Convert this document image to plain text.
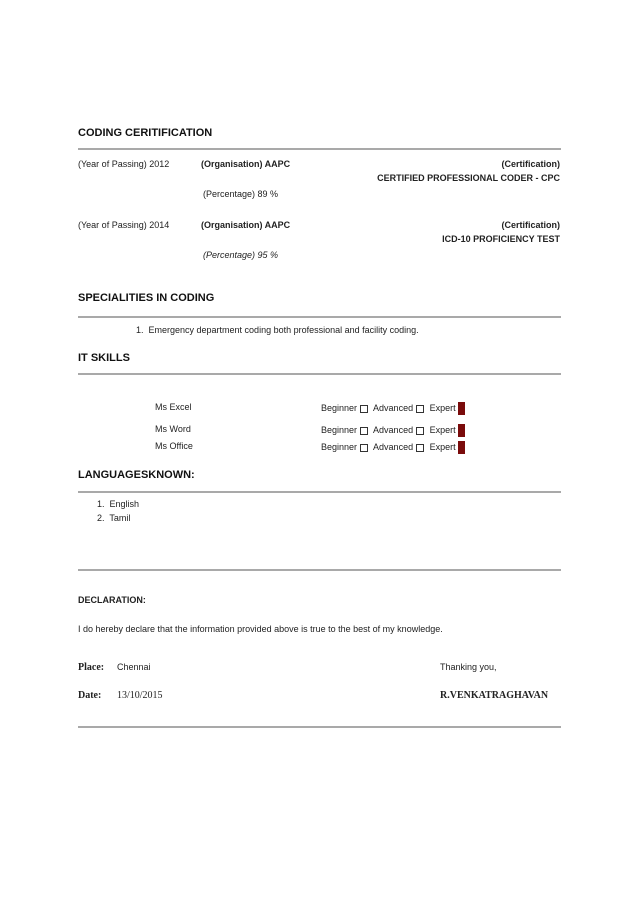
CODING CERITIFICATION
(Year of Passing) 2012	(Organisation) AAPC	(Certification)
CERTIFIED PROFESSIONAL CODER - CPC
(Percentage) 89 %
(Year of Passing) 2014	(Organisation) AAPC	(Certification)
ICD-10 PROFICIENCY TEST
(Percentage) 95 %
SPECIALITIES IN CODING
1.  Emergency department coding both professional and facility coding.
IT SKILLS
Ms Excel	Beginner Advanced Expert
Ms Word	Beginner Advanced Expert
Ms Office	Beginner Advanced Expert
LANGUAGESKNOWN:
1.  English
2.  Tamil
DECLARATION:
I do hereby declare that the information provided above is true to the best of my knowledge.
Place: Chennai	Thanking you,
Date: 13/10/2015	R.VENKATRAGHAVAN
